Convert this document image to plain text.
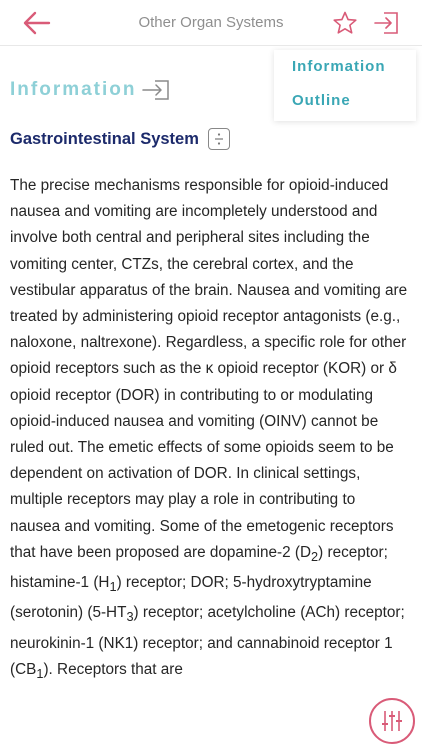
Other Organ Systems
Information
Information
Outline
Gastrointestinal System
The precise mechanisms responsible for opioid-induced nausea and vomiting are incompletely understood and involve both central and peripheral sites including the vomiting center, CTZs, the cerebral cortex, and the vestibular apparatus of the brain. Nausea and vomiting are treated by administering opioid receptor antagonists (e.g., naloxone, naltrexone). Regardless, a specific role for other opioid receptors such as the κ opioid receptor (KOR) or δ opioid receptor (DOR) in contributing to or modulating opioid-induced nausea and vomiting (OINV) cannot be ruled out. The emetic effects of some opioids seem to be dependent on activation of DOR. In clinical settings, multiple receptors may play a role in contributing to nausea and vomiting. Some of the emetogenic receptors that have been proposed are dopamine-2 $(D_2)$ receptor; histamine-1 $(H_1)$ receptor; DOR; 5-hydroxytryptamine (serotonin) $(5-HT_3)$ receptor; acetylcholine (ACh) receptor; neurokinin-1 (NK1) receptor; and cannabinoid receptor 1 $(CB_1)$. Receptors that are
